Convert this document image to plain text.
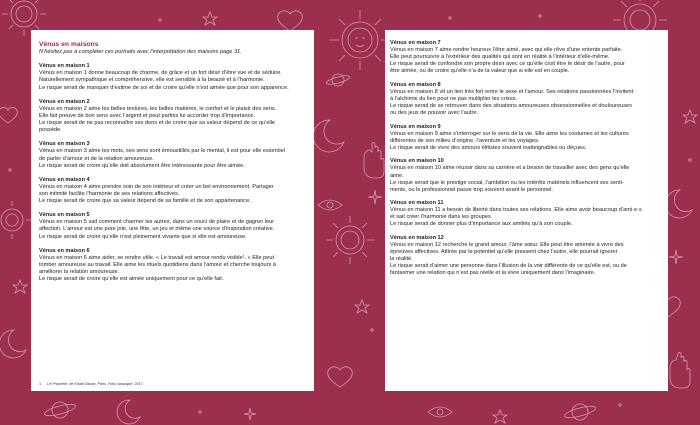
Vénus en maisons
N’hésitez pas à compléter ces portraits avec l’interprétation des maisons page 31.
Vénus en maison 1
Vénus en maison 1 donne beaucoup de charme, de grâce et un fort désir d’être vue et de séduire.
Naturellement sympathique et compréhensive, elle est sensible à la beauté et à l’harmonie.
Le risque serait de manquer d’estime de soi et de croire qu’elle n’est aimée que pour son apparence.
Vénus en maison 2
Vénus en maison 2 aime les belles textures, les belles matières, le confort et le plaisir des sens.
Elle fait preuve de bon sens avec l’argent et peut parfois lui accorder trop d’importance.
Le risque serait de ne pas reconnaître ses dons et de croire que sa valeur dépend de ce qu’elle
possède.
Vénus en maison 3
Vénus en maison 3 aime les mots, ses sens sont émoustillés par le mental, il est pour elle essentiel
de parler d’amour et de la relation amoureuse.
Le risque serait de croire qu’elle doit absolument être intéressante pour être aimée.
Vénus en maison 4
Vénus en maison 4 aime prendre soin de son intérieur et créer un bel environnement. Partager
son intimité facilite l’harmonie de ses relations affectives.
Le risque serait de croire que sa valeur dépend de sa famille et de son appartenance.
Vénus en maison 5
Vénus en maison 5 sait comment charmer les autres, dans un souci de plaire et de gagner leur
affection. L’amour est une pure joie, une fête, un jeu et même une source d’inspiration créative.
Le risque serait de croire qu’elle n’est pleinement vivante que si elle est amoureuse.
Vénus en maison 6
Vénus en maison 6 aime aider, se rendre utile. « Le travail est amour rendu visible¹. » Elle peut
tomber amoureuse au travail. Elle aime les rituels quotidiens dans l’amour et cherche toujours à
améliorer la relation amoureuse.
Le risque serait de croire qu’elle est aimée uniquement pour ce qu’elle fait.
1. Le Prophète, de Khalil Gibran, Paris, Folio classique, 2017.
Vénus en maison 7
Vénus en maison 7 aime rendre heureux l’être aimé, avec qui elle rêve d’une entente parfaite.
Elle peut poursuivre à l’extérieur des qualités qui sont en réalité à l’intérieur d’elle-même.
Le risque serait de confondre son propre désir avec ce qu’elle croit être le désir de l’autre, pour
être aimée, ou de croire qu’elle n’a de la valeur que si elle est en couple.
Vénus en maison 8
Vénus en maison 8 vit un lien très fort entre le sexe et l’amour. Ses relations passionnées l’invitent
à l’alchimie du lien pour ne pas multiplier les crises.
Le risque serait de se retrouver dans des situations amoureuses obsessionnelles et douloureuses
ou des jeux de pouvoir avec l’autre.
Vénus en maison 9
Vénus en maison 9 aime s’interroger sur le sens de la vie. Elle aime les coutumes et les cultures
différentes de son milieu d’origine, l’aventure et les voyages.
Le risque serait de vivre des amours élitistes souvent inatteignables ou déçues.
Vénus en maison 10
Vénus en maison 10 aime réussir dans sa carrière et a besoin de travailler avec des gens qu’elle
aime.
Le risque serait que le prestige social, l’ambition ou les intérêts matériels influencent ses senti-
ments, ou le professionnel passe trop souvent avant le personnel.
Vénus en maison 11
Vénus en maison 11 a besoin de liberté dans toutes ses relations. Elle aime avoir beaucoup d’ami·e·s
et sait créer l’harmonie dans les groupes.
Le risque serait de donner plus d’importance aux amitiés qu’à son couple.
Vénus en maison 12
Vénus en maison 12 recherche le grand amour, l’âme sœur. Elle peut être amenée à vivre des
épreuves affectives. Attirée par le potentiel qu’elle pressent chez l’autre, elle pourrait ignorer
la réalité.
Le risque serait d’aimer une personne dans l’illusion de la voir différente de ce qu’elle est, ou de
fantasmer une relation qui n’est pas réelle et la vivre uniquement dans l’imaginaire.
